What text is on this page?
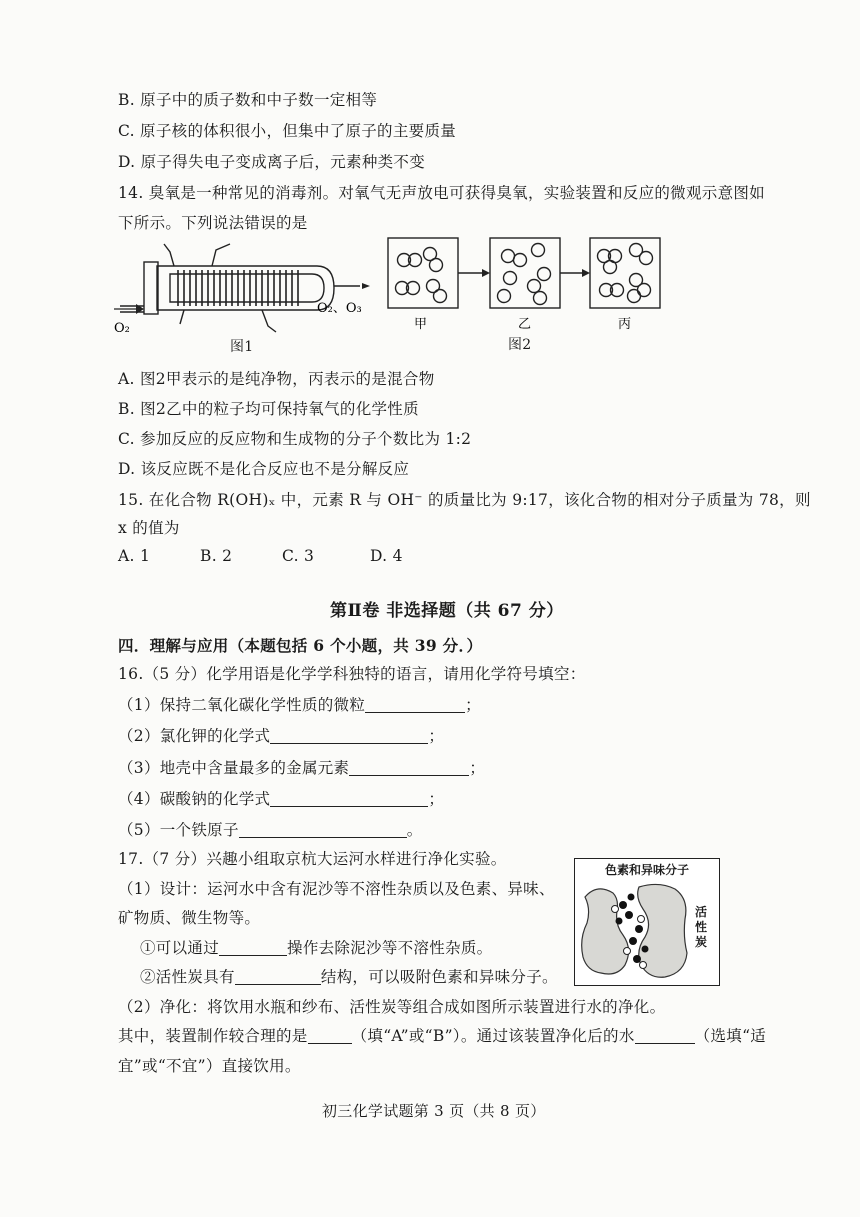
B. 原子中的质子数和中子数一定相等
C. 原子核的体积很小，但集中了原子的主要质量
D. 原子得失电子变成离子后，元素种类不变
14. 臭氧是一种常见的消毒剂。对氧气无声放电可获得臭氧，实验装置和反应的微观示意图如
下所示。下列说法错误的是
O₂
O₂、O₃
图1
甲	乙	丙
图2
A. 图2甲表示的是纯净物，丙表示的是混合物
B. 图2乙中的粒子均可保持氧气的化学性质
C. 参加反应的反应物和生成物的分子个数比为 1:2
D. 该反应既不是化合反应也不是分解反应
15. 在化合物 R(OH)ₓ 中，元素 R 与 OH⁻ 的质量比为 9:17，该化合物的相对分子质量为 78，则
x 的值为
A. 1	B. 2	C. 3	D. 4
第Ⅱ卷 非选择题（共 67 分）
四．理解与应用（本题包括 6 个小题，共 39 分．）
16.（5 分）化学用语是化学学科独特的语言，请用化学符号填空：
（1）保持二氧化碳化学性质的微粒	；
（2）氯化钾的化学式	；
（3）地壳中含量最多的金属元素	；
（4）碳酸钠的化学式	；
（5）一个铁原子	。
17.（7 分）兴趣小组取京杭大运河水样进行净化实验。
（1）设计：运河水中含有泥沙等不溶性杂质以及色素、异味、
矿物质、微生物等。
①可以通过	操作去除泥沙等不溶性杂质。
②活性炭具有	结构，可以吸附色素和异味分子。
色素和异味分子
活性炭
（2）净化：将饮用水瓶和纱布、活性炭等组合成如图所示装置进行水的净化。
其中，装置制作较合理的是	（填“A”或“B”）。通过该装置净化后的水	（选填“适
宜”或“不宜”）直接饮用。
初三化学试题第 3 页（共 8 页）
